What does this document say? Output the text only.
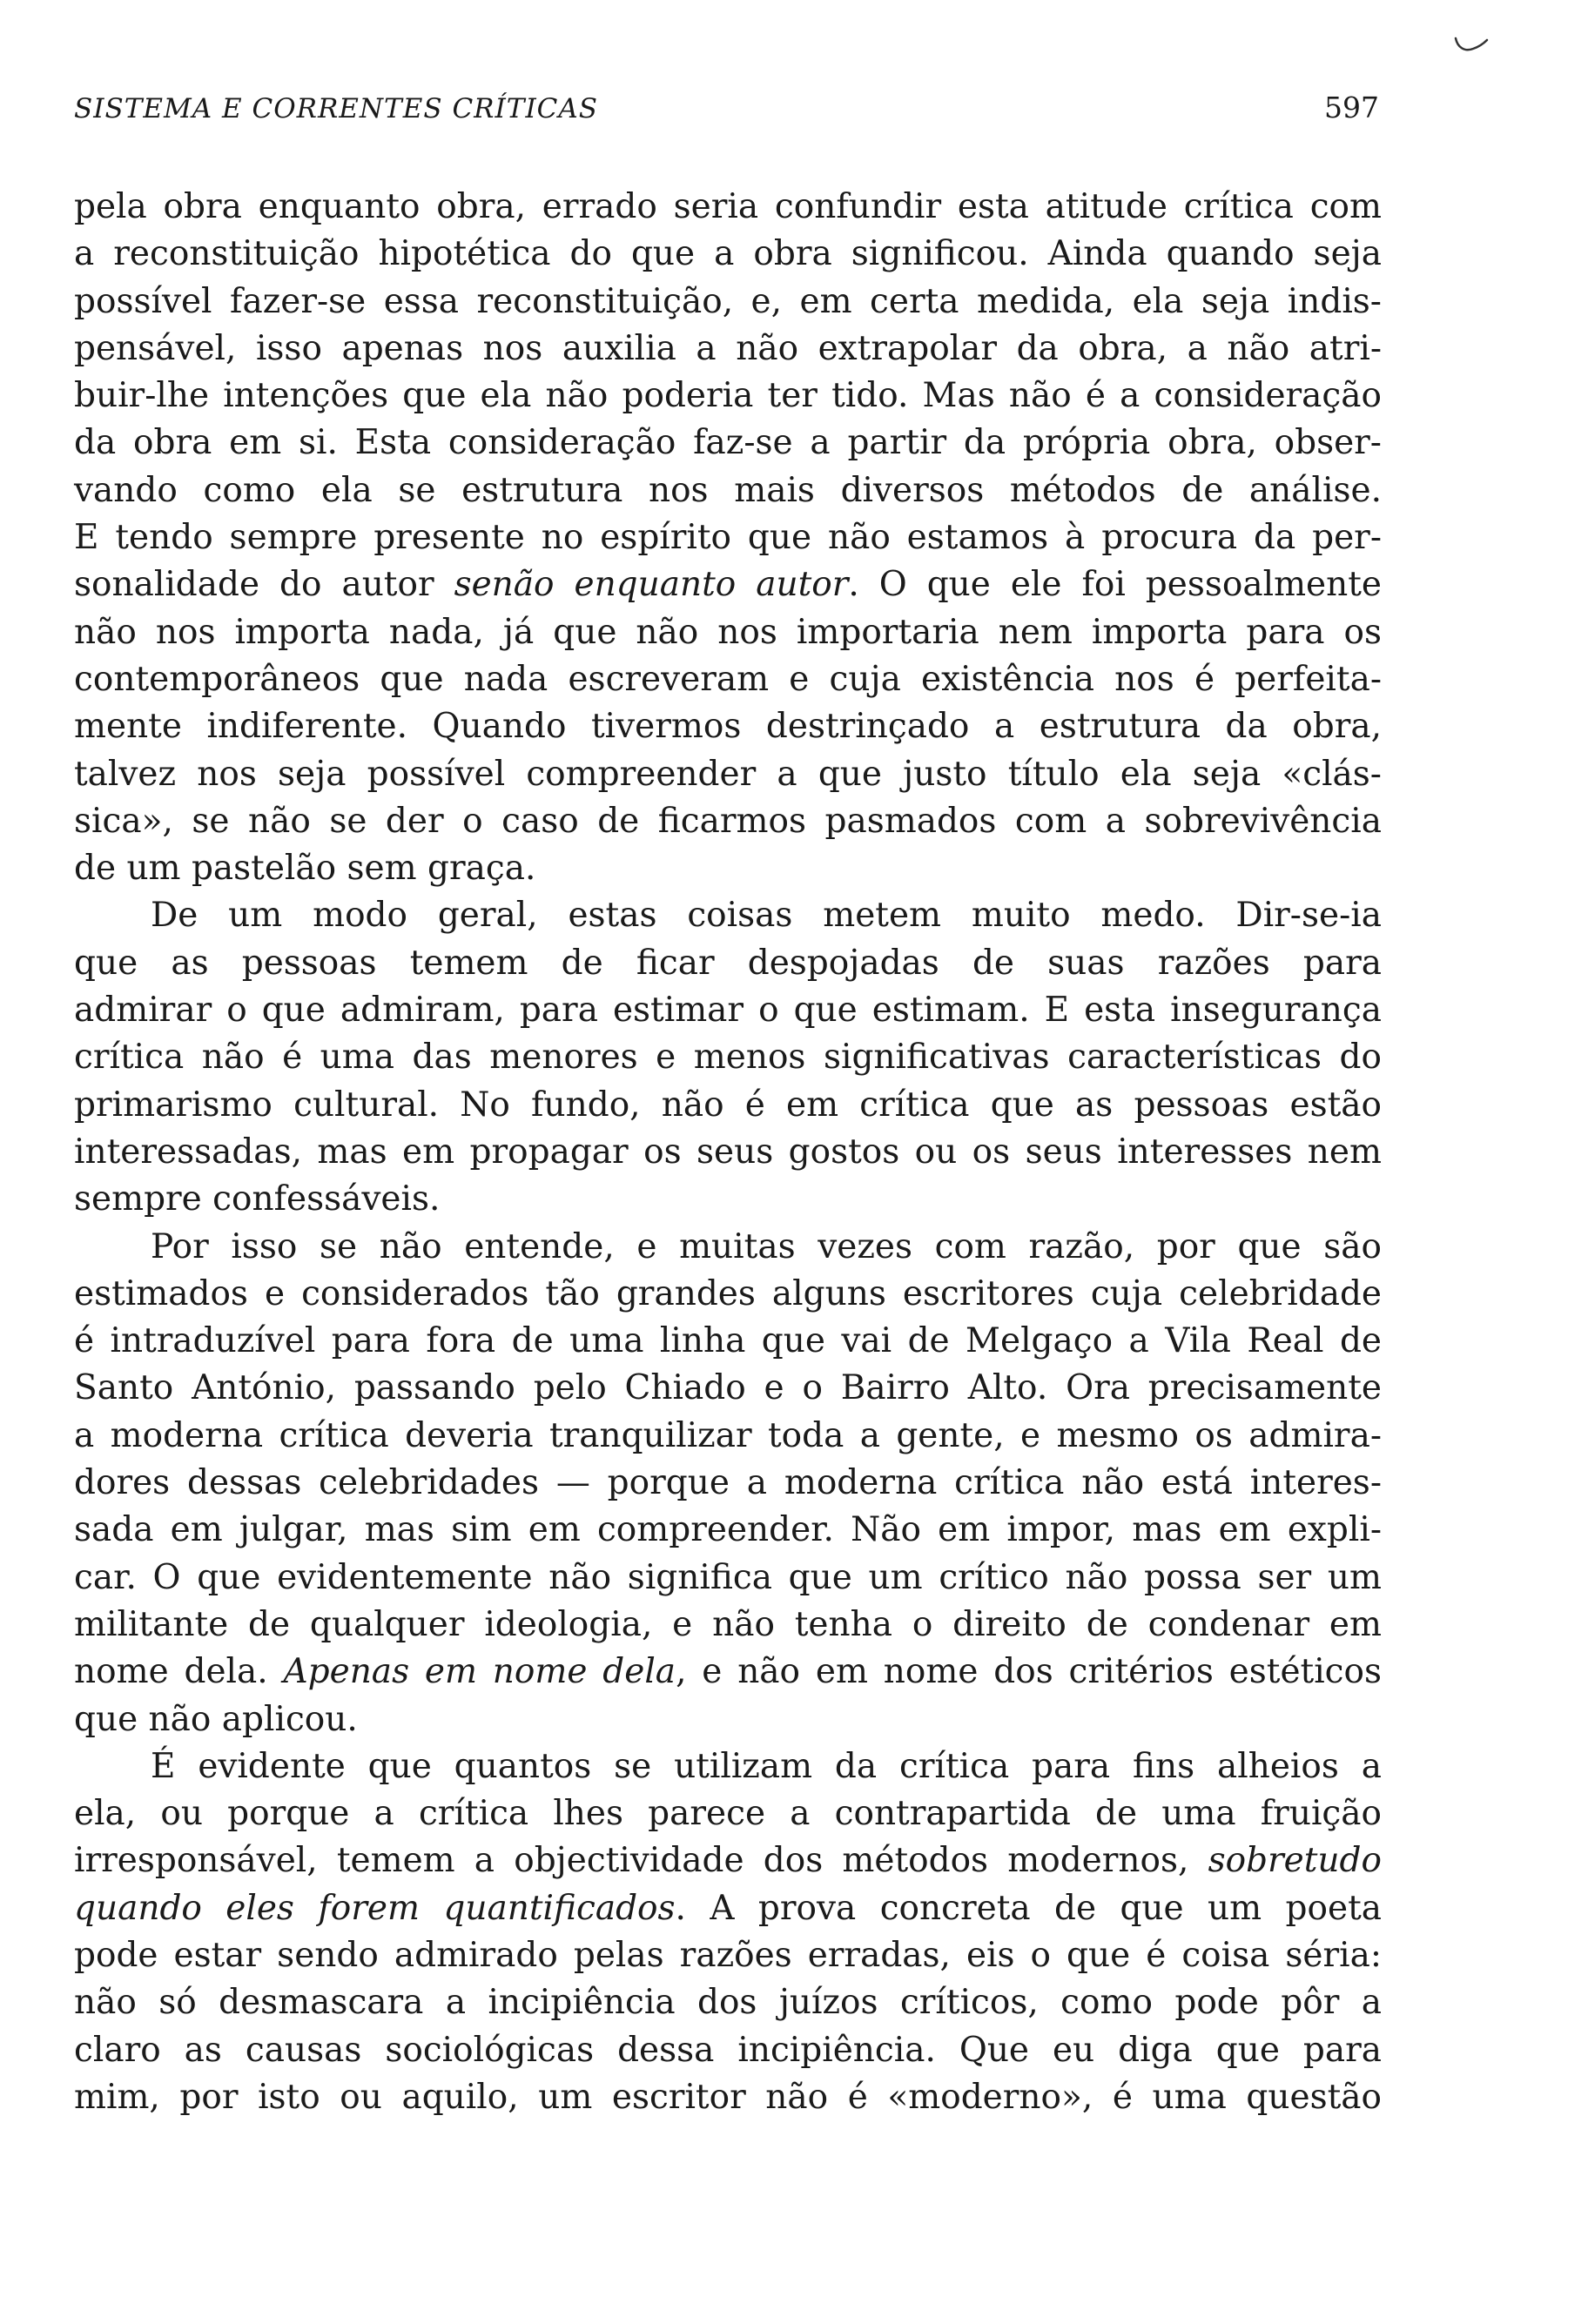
SISTEMA E CORRENTES CRÍTICAS	597
pela obra enquanto obra, errado seria confundir esta atitude crítica com
a reconstituição hipotética do que a obra significou. Ainda quando seja
possível fazer-se essa reconstituição, e, em certa medida, ela seja indis-
pensável, isso apenas nos auxilia a não extrapolar da obra, a não atri-
buir-lhe intenções que ela não poderia ter tido. Mas não é a consideração
da obra em si. Esta consideração faz-se a partir da própria obra, obser-
vando como ela se estrutura nos mais diversos métodos de análise.
E tendo sempre presente no espírito que não estamos à procura da per-
sonalidade do autor senão enquanto autor. O que ele foi pessoalmente
não nos importa nada, já que não nos importaria nem importa para os
contemporâneos que nada escreveram e cuja existência nos é perfeita-
mente indiferente. Quando tivermos destrinçado a estrutura da obra,
talvez nos seja possível compreender a que justo título ela seja «clás-
sica», se não se der o caso de ficarmos pasmados com a sobrevivência
de um pastelão sem graça.
De um modo geral, estas coisas metem muito medo. Dir-se-ia
que as pessoas temem de ficar despojadas de suas razões para
admirar o que admiram, para estimar o que estimam. E esta insegurança
crítica não é uma das menores e menos significativas características do
primarismo cultural. No fundo, não é em crítica que as pessoas estão
interessadas, mas em propagar os seus gostos ou os seus interesses nem
sempre confessáveis.
Por isso se não entende, e muitas vezes com razão, por que são
estimados e considerados tão grandes alguns escritores cuja celebridade
é intraduzível para fora de uma linha que vai de Melgaço a Vila Real de
Santo António, passando pelo Chiado e o Bairro Alto. Ora precisamente
a moderna crítica deveria tranquilizar toda a gente, e mesmo os admira-
dores dessas celebridades — porque a moderna crítica não está interes-
sada em julgar, mas sim em compreender. Não em impor, mas em expli-
car. O que evidentemente não significa que um crítico não possa ser um
militante de qualquer ideologia, e não tenha o direito de condenar em
nome dela. Apenas em nome dela, e não em nome dos critérios estéticos
que não aplicou.
É evidente que quantos se utilizam da crítica para fins alheios a
ela, ou porque a crítica lhes parece a contrapartida de uma fruição
irresponsável, temem a objectividade dos métodos modernos, sobretudo
quando eles forem quantificados. A prova concreta de que um poeta
pode estar sendo admirado pelas razões erradas, eis o que é coisa séria:
não só desmascara a incipiência dos juízos críticos, como pode pôr a
claro as causas sociológicas dessa incipiência. Que eu diga que para
mim, por isto ou aquilo, um escritor não é «moderno», é uma questão
